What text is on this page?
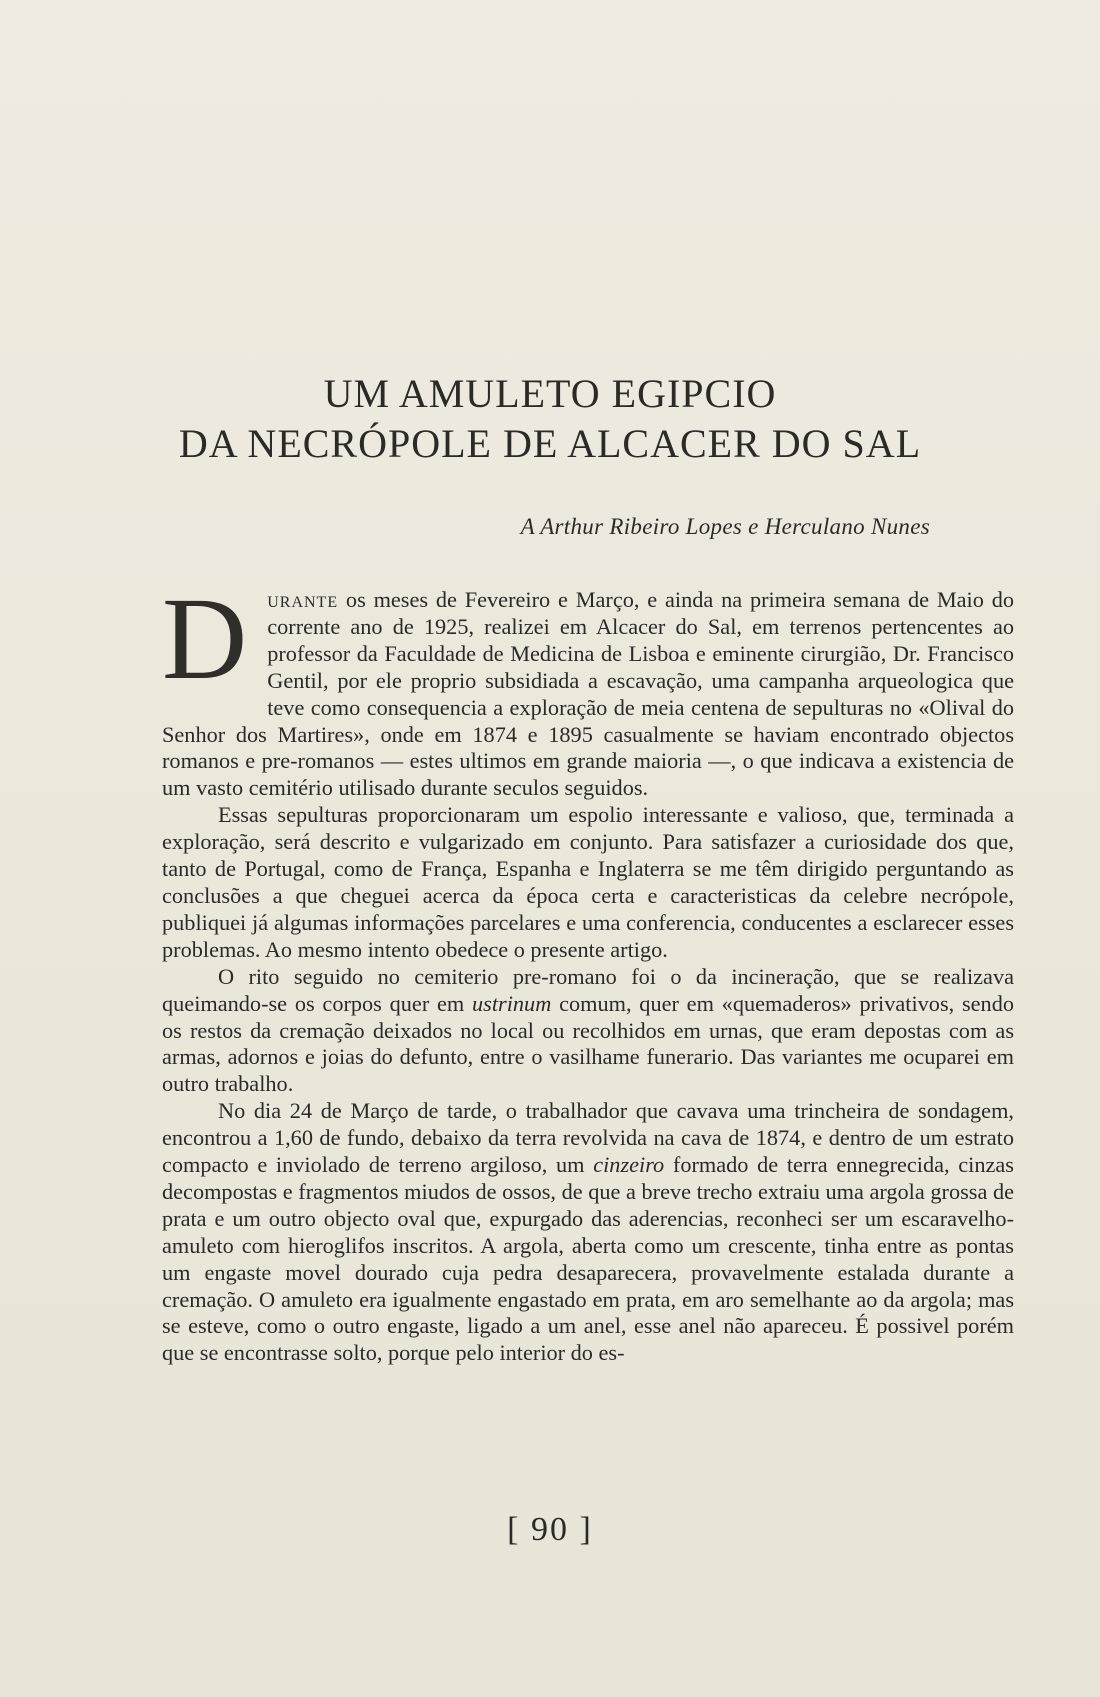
UM AMULETO EGIPCIO
DA NECRÓPOLE DE ALCACER DO SAL
A Arthur Ribeiro Lopes e Herculano Nunes

Durante os meses de Fevereiro e Março, e ainda na primeira semana de Maio do corrente ano de 1925, realizei em Alcacer do Sal, em terrenos pertencentes ao professor da Faculdade de Medicina de Lisboa e eminente cirurgião, Dr. Francisco Gentil, por ele proprio subsidiada a escavação, uma campanha arqueologica que teve como consequencia a exploração de meia centena de sepulturas no «Olival do Senhor dos Martires», onde em 1874 e 1895 casualmente se haviam encontrado objectos romanos e pre-romanos — estes ultimos em grande maioria —, o que indicava a existencia de um vasto cemitério utilisado durante seculos seguidos.

Essas sepulturas proporcionaram um espolio interessante e valioso, que, terminada a exploração, será descrito e vulgarizado em conjunto. Para satisfazer a curiosidade dos que, tanto de Portugal, como de França, Espanha e Inglaterra se me têm dirigido perguntando as conclusões a que cheguei acerca da época certa e caracteristicas da celebre necrópole, publiquei já algumas informações parcelares e uma conferencia, conducentes a esclarecer esses problemas. Ao mesmo intento obedece o presente artigo.

O rito seguido no cemiterio pre-romano foi o da incineração, que se realizava queimando-se os corpos quer em ustrinum comum, quer em «quemaderos» privativos, sendo os restos da cremação deixados no local ou recolhidos em urnas, que eram depostas com as armas, adornos e joias do defunto, entre o vasilhame funerario. Das variantes me ocuparei em outro trabalho.

No dia 24 de Março de tarde, o trabalhador que cavava uma trincheira de sondagem, encontrou a 1,60 de fundo, debaixo da terra revolvida na cava de 1874, e dentro de um estrato compacto e inviolado de terreno argiloso, um cinzeiro formado de terra ennegrecida, cinzas decompostas e fragmentos miudos de ossos, de que a breve trecho extraiu uma argola grossa de prata e um outro objecto oval que, expurgado das aderencias, reconheci ser um escaravelho-amuleto com hieroglifos inscritos. A argola, aberta como um crescente, tinha entre as pontas um engaste movel dourado cuja pedra desaparecera, provavelmente estalada durante a cremação. O amuleto era igualmente engastado em prata, em aro semelhante ao da argola; mas se esteve, como o outro engaste, ligado a um anel, esse anel não apareceu. É possivel porém que se encontrasse solto, porque pelo interior do es-

[ 90 ]
